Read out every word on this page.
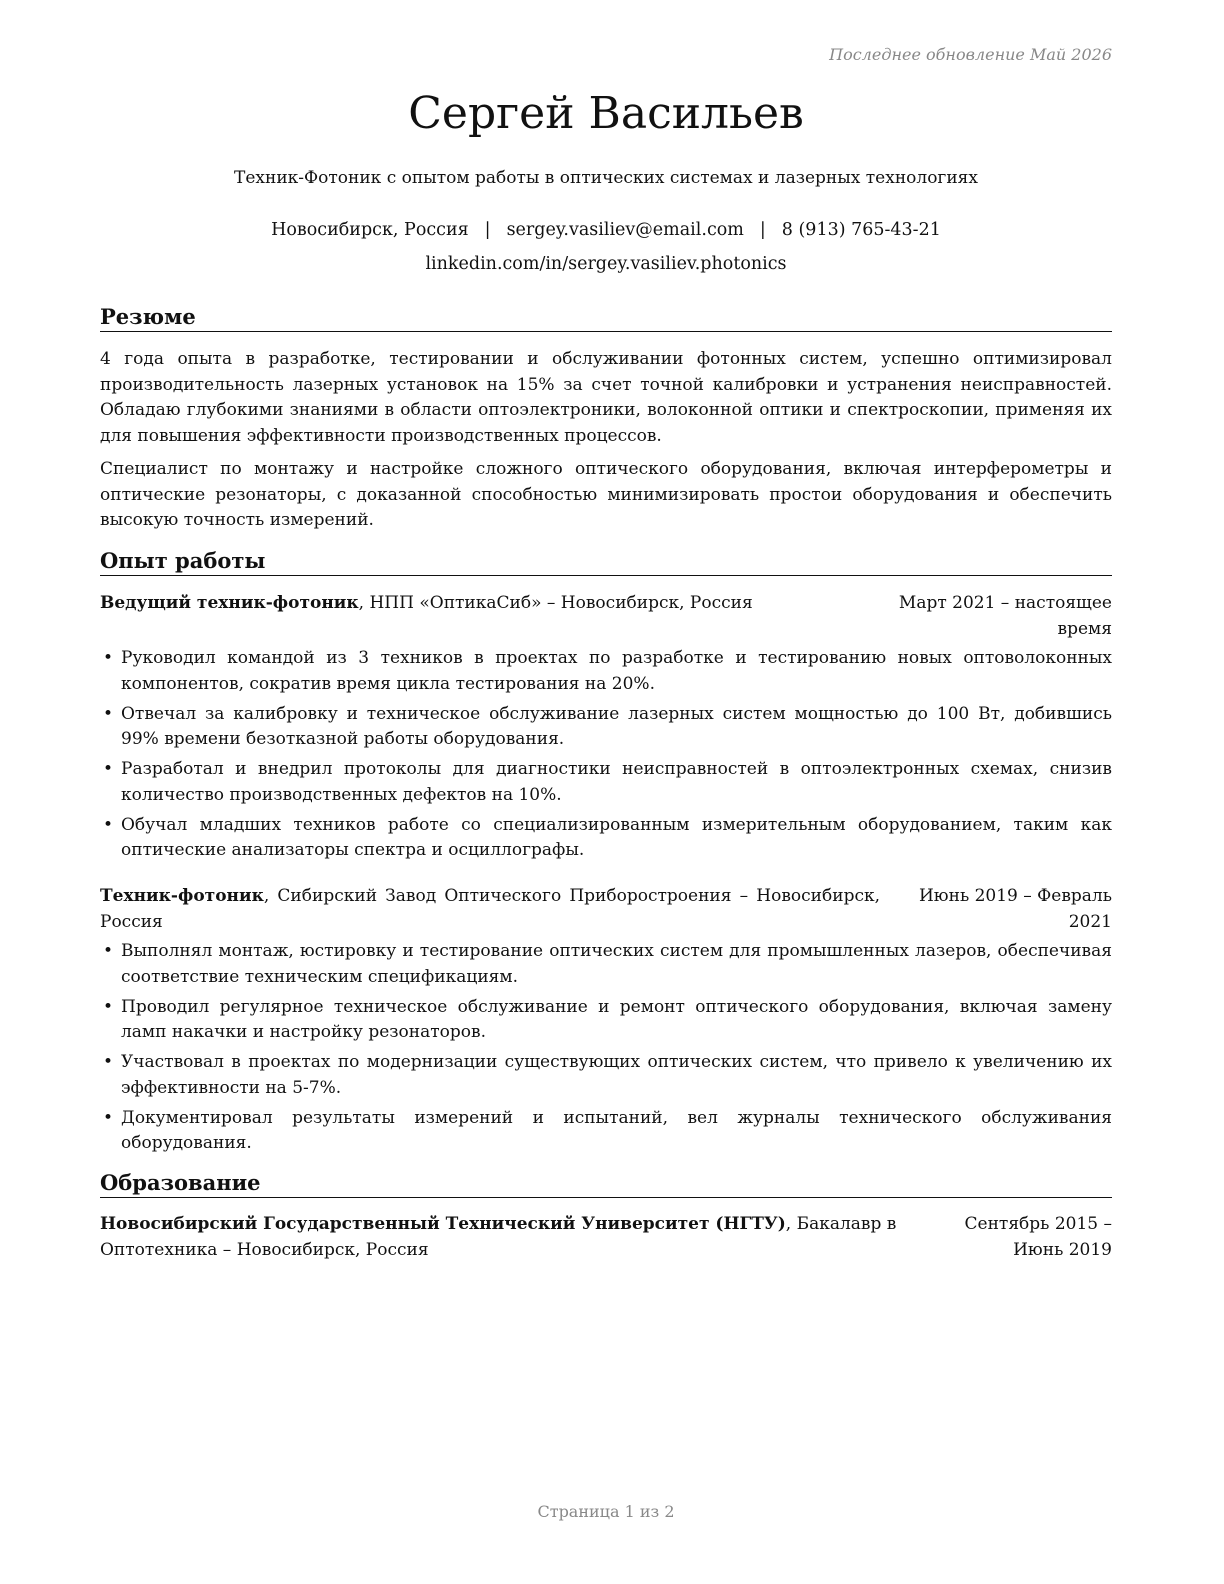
Последнее обновление Май 2026
Сергей Васильев
Техник-Фотоник с опытом работы в оптических системах и лазерных технологиях
Новосибирск, Россия | sergey.vasiliev@email.com | 8 (913) 765-43-21
linkedin.com/in/sergey.vasiliev.photonics
Резюме

4 года опыта в разработке, тестировании и обслуживании фотонных систем, успешно оптимизировал производительность лазерных установок на 15% за счет точной калибровки и устранения неисправностей. Обладаю глубокими знаниями в области оптоэлектроники, волоконной оптики и спектроскопии, применяя их для повышения эффективности производственных процессов.

Специалист по монтажу и настройке сложного оптического оборудования, включая интерферометры и оптические резонаторы, с доказанной способностью минимизировать простои оборудования и обеспечить высокую точность измерений.

Опыт работы
Ведущий техник-фотоник, НПП «ОптикаСиб» – Новосибирск, Россия	Март 2021 – настоящее время
• Руководил командой из 3 техников в проектах по разработке и тестированию новых оптоволоконных компонентов, сократив время цикла тестирования на 20%.
• Отвечал за калибровку и техническое обслуживание лазерных систем мощностью до 100 Вт, добившись 99% времени безотказной работы оборудования.
• Разработал и внедрил протоколы для диагностики неисправностей в оптоэлектронных схемах, снизив количество производственных дефектов на 10%.
• Обучал младших техников работе со специализированным измерительным оборудованием, таким как оптические анализаторы спектра и осциллографы.
Техник-фотоник, Сибирский Завод Оптического Приборостроения – Новосибирск, Россия
Июнь 2019 – Февраль 2021
• Выполнял монтаж, юстировку и тестирование оптических систем для промышленных лазеров, обеспечивая соответствие техническим спецификациям.
• Проводил регулярное техническое обслуживание и ремонт оптического оборудования, включая замену ламп накачки и настройку резонаторов.
• Участвовал в проектах по модернизации существующих оптических систем, что привело к увеличению их эффективности на 5-7%.
• Документировал результаты измерений и испытаний, вел журналы технического обслуживания оборудования.
Образование
Новосибирский Государственный Технический Университет (НГТУ), Бакалавр в Оптотехника – Новосибирск, Россия
Сентябрь 2015 – Июнь 2019
Страница 1 из 2
